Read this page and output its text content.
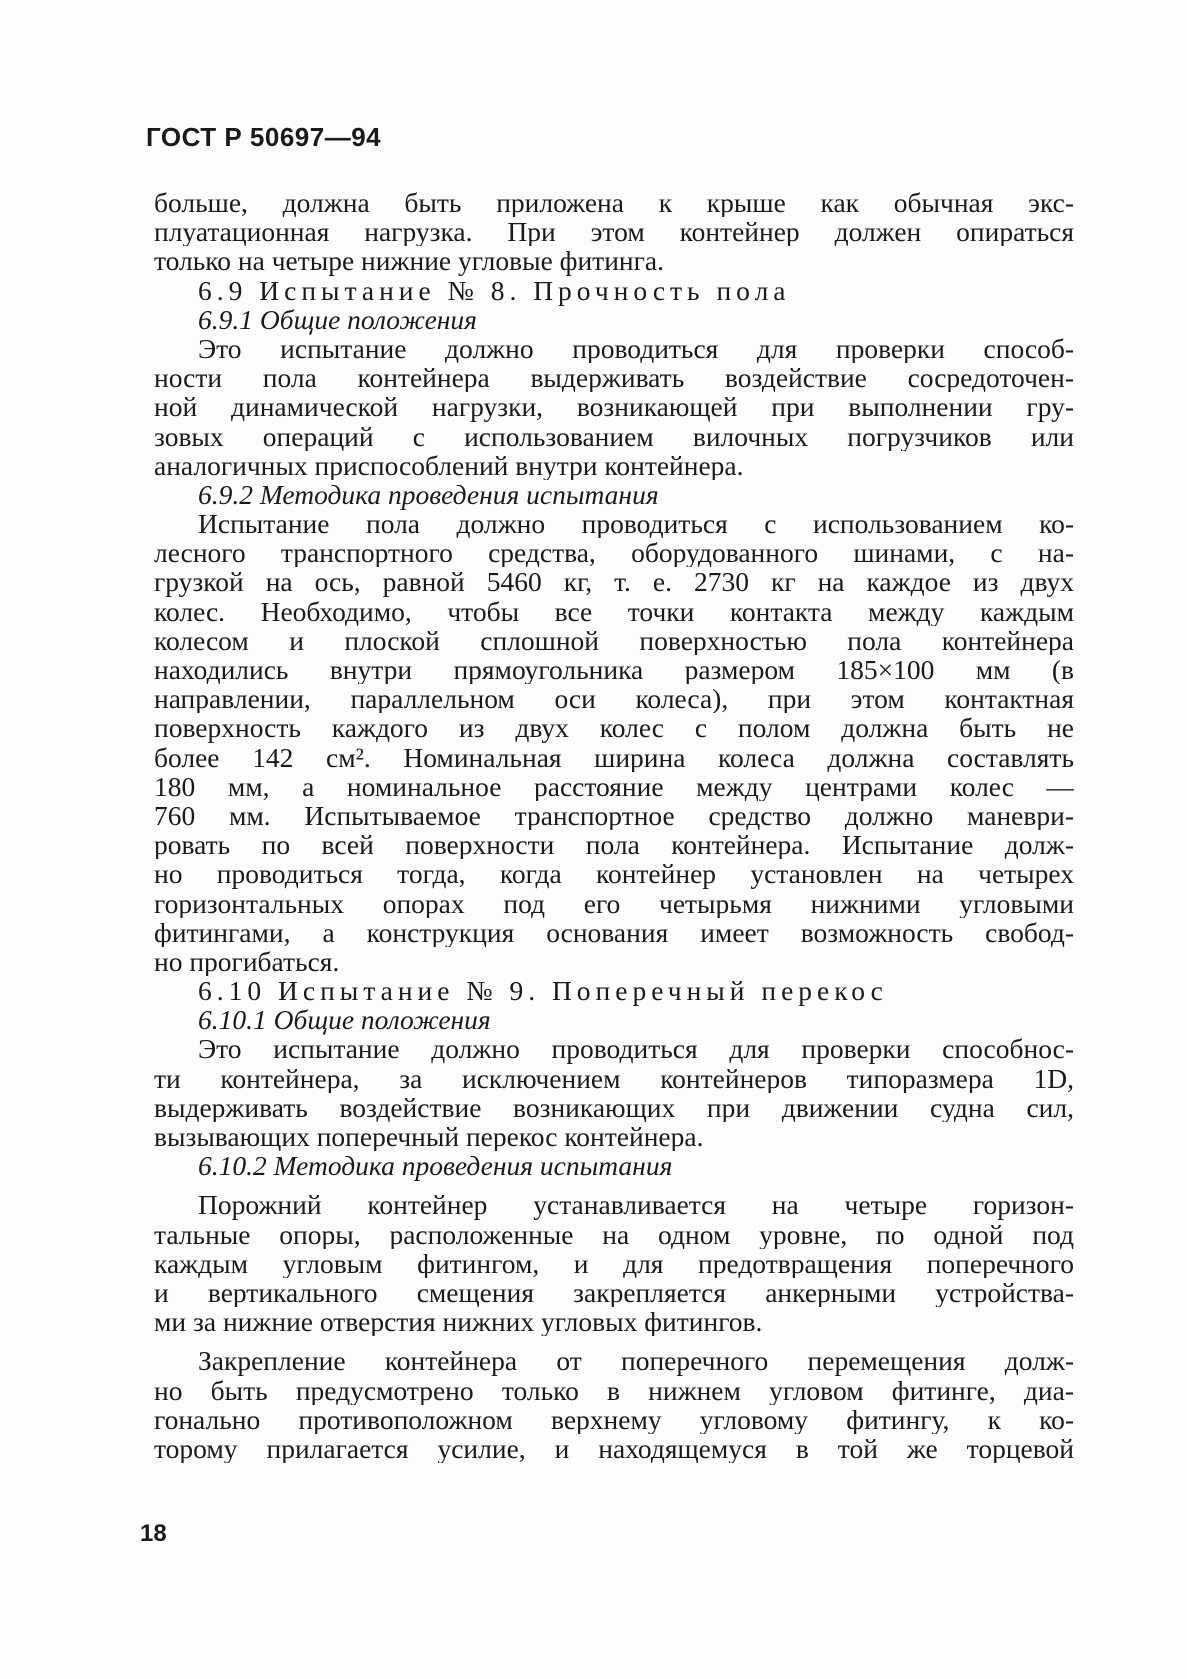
ГОСТ Р 50697—94
больше, должна быть приложена к крыше как обычная экс-
плуатационная нагрузка. При этом контейнер должен опираться
только на четыре нижние угловые фитинга.
6.9 Испытание № 8. Прочность пола
6.9.1 Общие положения
Это испытание должно проводиться для проверки способ-
ности пола контейнера выдерживать воздействие сосредоточен-
ной динамической нагрузки, возникающей при выполнении гру-
зовых операций с использованием вилочных погрузчиков или
аналогичных приспособлений внутри контейнера.
6.9.2 Методика проведения испытания
Испытание пола должно проводиться с использованием ко-
лесного транспортного средства, оборудованного шинами, с на-
грузкой на ось, равной 5460 кг, т. е. 2730 кг на каждое из двух
колес. Необходимо, чтобы все точки контакта между каждым
колесом и плоской сплошной поверхностью пола контейнера
находились внутри прямоугольника размером 185×100 мм (в
направлении, параллельном оси колеса), при этом контактная
поверхность каждого из двух колес с полом должна быть не
более 142 см². Номинальная ширина колеса должна составлять
180 мм, а номинальное расстояние между центрами колес —
760 мм. Испытываемое транспортное средство должно маневри-
ровать по всей поверхности пола контейнера. Испытание долж-
но проводиться тогда, когда контейнер установлен на четырех
горизонтальных опорах под его четырьмя нижними угловыми
фитингами, а конструкция основания имеет возможность свобод-
но прогибаться.
6.10 Испытание № 9. Поперечный перекос
6.10.1 Общие положения
Это испытание должно проводиться для проверки способнос-
ти контейнера, за исключением контейнеров типоразмера 1D,
выдерживать воздействие возникающих при движении судна сил,
вызывающих поперечный перекос контейнера.
6.10.2 Методика проведения испытания
Порожний контейнер устанавливается на четыре горизон-
тальные опоры, расположенные на одном уровне, по одной под
каждым угловым фитингом, и для предотвращения поперечного
и вертикального смещения закрепляется анкерными устройства-
ми за нижние отверстия нижних угловых фитингов.
Закрепление контейнера от поперечного перемещения долж-
но быть предусмотрено только в нижнем угловом фитинге, диа-
гонально противоположном верхнему угловому фитингу, к ко-
торому прилагается усилие, и находящемуся в той же торцевой
18
